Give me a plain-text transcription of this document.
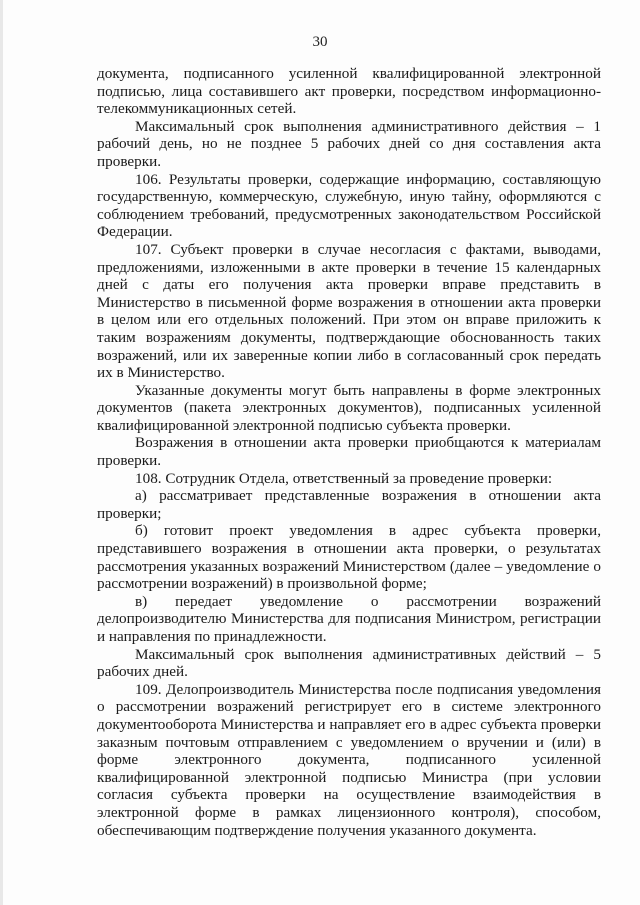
30

документа, подписанного усиленной квалифицированной электронной подписью, лица составившего акт проверки, посредством информационно-телекоммуникационных сетей.

Максимальный срок выполнения административного действия – 1 рабочий день, но не позднее 5 рабочих дней со дня составления акта проверки.

106. Результаты проверки, содержащие информацию, составляющую государственную, коммерческую, служебную, иную тайну, оформляются с соблюдением требований, предусмотренных законодательством Российской Федерации.

107. Субъект проверки в случае несогласия с фактами, выводами, предложениями, изложенными в акте проверки в течение 15 календарных дней с даты его получения акта проверки вправе представить в Министерство в письменной форме возражения в отношении акта проверки в целом или его отдельных положений. При этом он вправе приложить к таким возражениям документы, подтверждающие обоснованность таких возражений, или их заверенные копии либо в согласованный срок передать их в Министерство.

Указанные документы могут быть направлены в форме электронных документов (пакета электронных документов), подписанных усиленной квалифицированной электронной подписью субъекта проверки.

Возражения в отношении акта проверки приобщаются к материалам проверки.

108. Сотрудник Отдела, ответственный за проведение проверки:

а) рассматривает представленные возражения в отношении акта проверки;

б) готовит проект уведомления в адрес субъекта проверки, представившего возражения в отношении акта проверки, о результатах рассмотрения указанных возражений Министерством (далее – уведомление о рассмотрении возражений) в произвольной форме;

в) передает уведомление о рассмотрении возражений делопроизводителю Министерства для подписания Министром, регистрации и направления по принадлежности.

Максимальный срок выполнения административных действий – 5 рабочих дней.

109. Делопроизводитель Министерства после подписания уведомления о рассмотрении возражений регистрирует его в системе электронного документооборота Министерства и направляет его в адрес субъекта проверки заказным почтовым отправлением с уведомлением о вручении и (или) в форме электронного документа, подписанного усиленной квалифицированной электронной подписью Министра (при условии согласия субъекта проверки на осуществление взаимодействия в электронной форме в рамках лицензионного контроля), способом, обеспечивающим подтверждение получения указанного документа.
